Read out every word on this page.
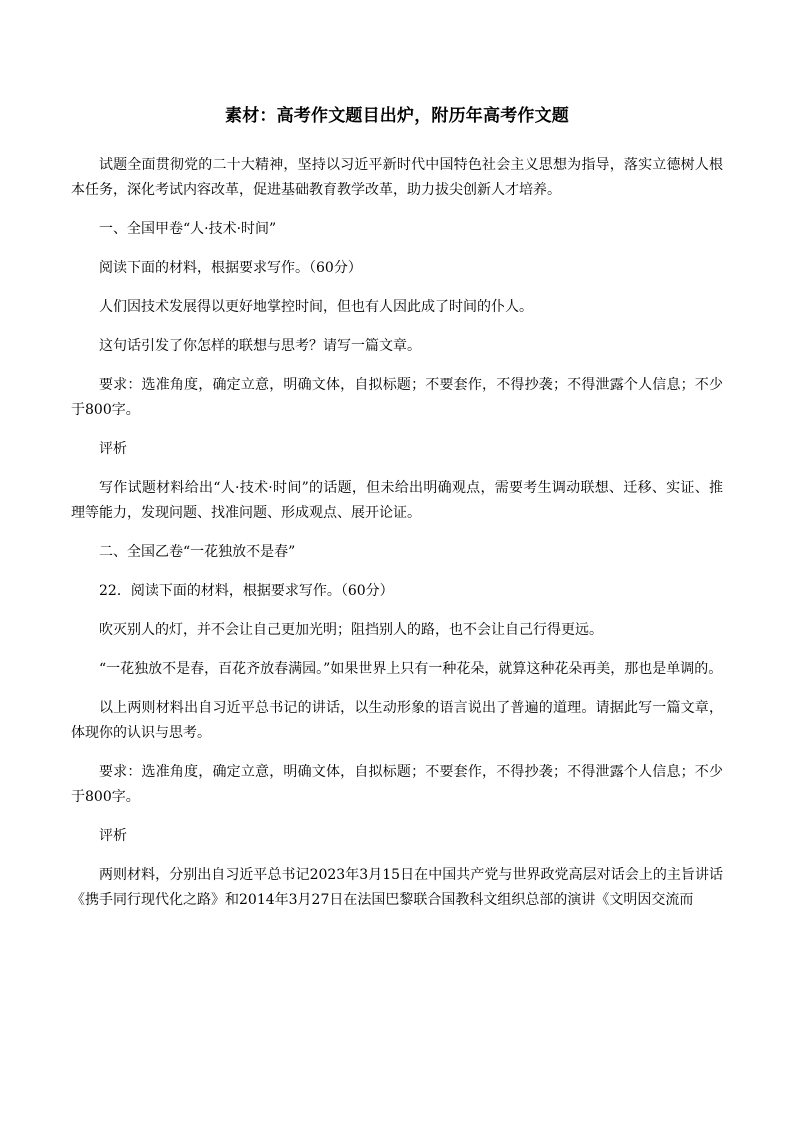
素材：高考作文题目出炉，附历年高考作文题

试题全面贯彻党的二十大精神，坚持以习近平新时代中国特色社会主义思想为指导，落实立德树人根本任务，深化考试内容改革，促进基础教育教学改革，助力拔尖创新人才培养。

一、全国甲卷“人·技术·时间”

阅读下面的材料，根据要求写作。（60分）

人们因技术发展得以更好地掌控时间，但也有人因此成了时间的仆人。

这句话引发了你怎样的联想与思考？请写一篇文章。

要求：选准角度，确定立意，明确文体，自拟标题；不要套作，不得抄袭；不得泄露个人信息；不少于800字。

评析

写作试题材料给出“人·技术·时间”的话题，但未给出明确观点，需要考生调动联想、迁移、实证、推理等能力，发现问题、找准问题、形成观点、展开论证。

二、全国乙卷“一花独放不是春”

22．阅读下面的材料，根据要求写作。（60分）

吹灭别人的灯，并不会让自己更加光明；阻挡别人的路，也不会让自己行得更远。

“一花独放不是春，百花齐放春满园。”如果世界上只有一种花朵，就算这种花朵再美，那也是单调的。

以上两则材料出自习近平总书记的讲话，以生动形象的语言说出了普遍的道理。请据此写一篇文章，体现你的认识与思考。

要求：选准角度，确定立意，明确文体，自拟标题；不要套作，不得抄袭；不得泄露个人信息；不少于800字。

评析

两则材料，分别出自习近平总书记2023年3月15日在中国共产党与世界政党高层对话会上的主旨讲话《携手同行现代化之路》和2014年3月27日在法国巴黎联合国教科文组织总部的演讲《文明因交流而
